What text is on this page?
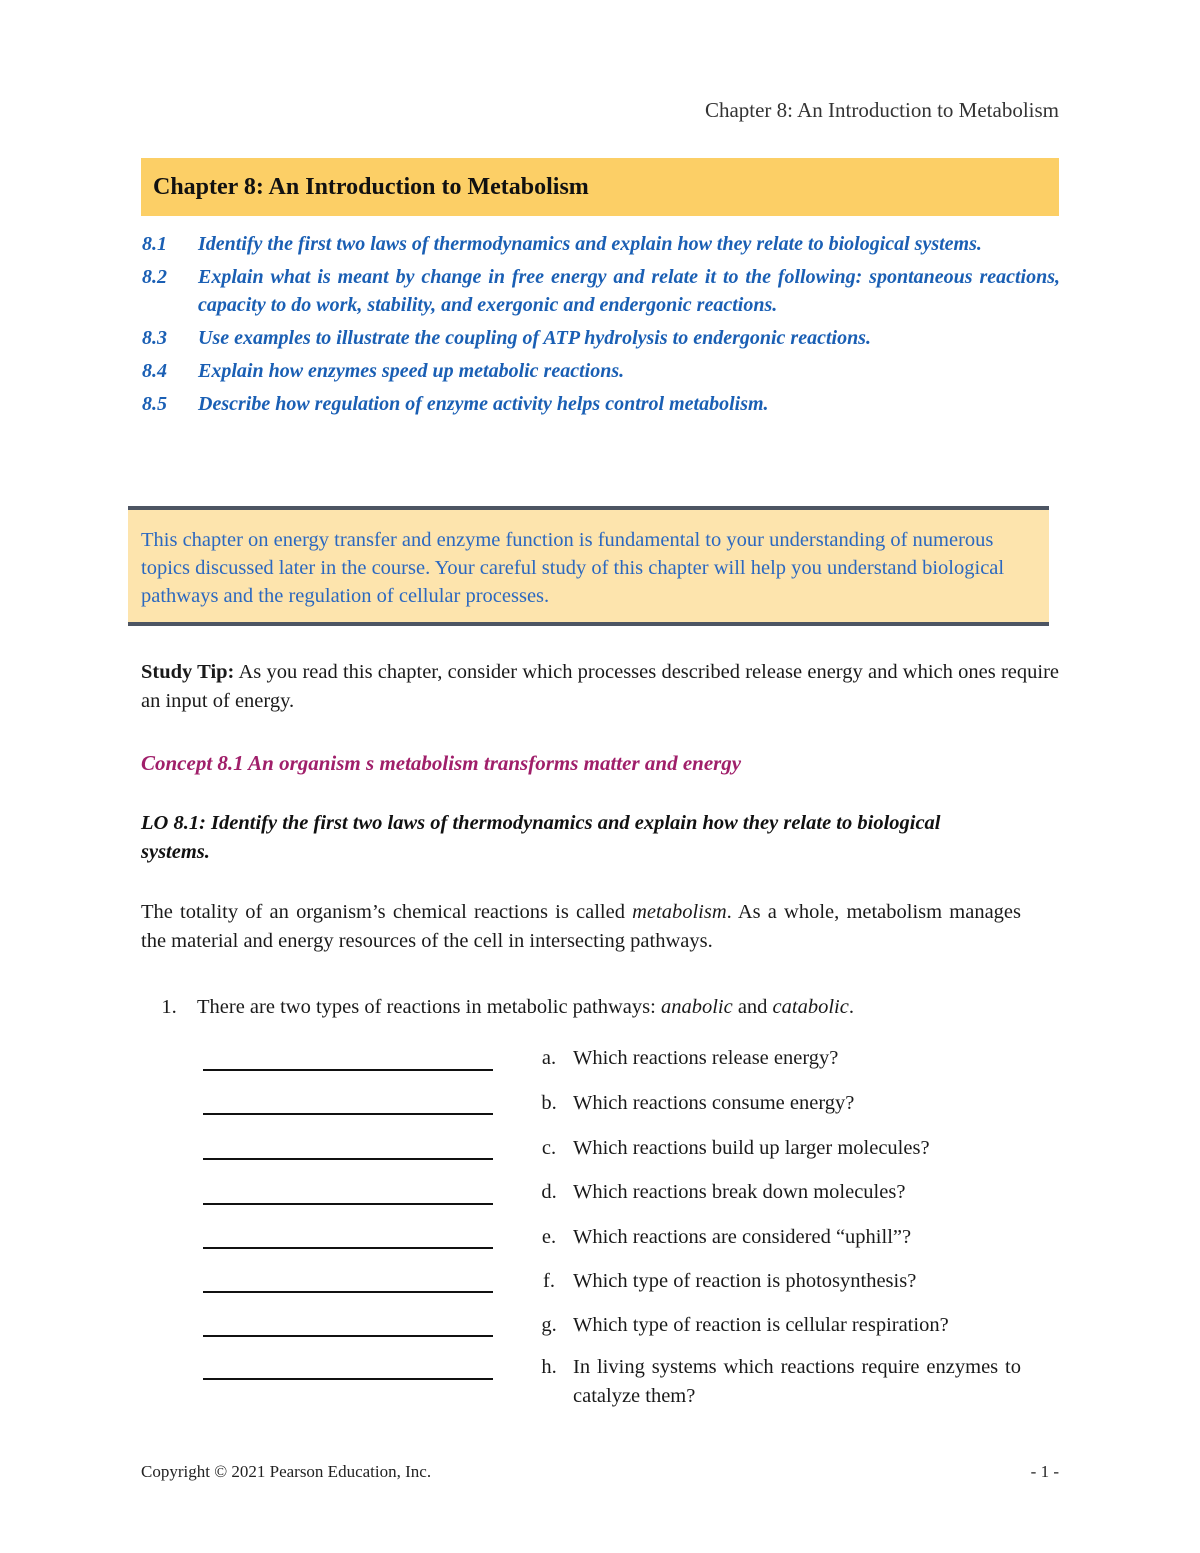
Chapter 8: An Introduction to Metabolism
Chapter 8: An Introduction to Metabolism
8.1	Identify the first two laws of thermodynamics and explain how they relate to biological systems.
8.2	Explain what is meant by change in free energy and relate it to the following: spontaneous reactions, capacity to do work, stability, and exergonic and endergonic reactions.
8.3	Use examples to illustrate the coupling of ATP hydrolysis to endergonic reactions.
8.4	Explain how enzymes speed up metabolic reactions.
8.5	Describe how regulation of enzyme activity helps control metabolism.
This chapter on energy transfer and enzyme function is fundamental to your understanding of numerous topics discussed later in the course. Your careful study of this chapter will help you understand biological pathways and the regulation of cellular processes.
Study Tip: As you read this chapter, consider which processes described release energy and which ones require an input of energy.
Concept 8.1 An organism s metabolism transforms matter and energy
LO 8.1: Identify the first two laws of thermodynamics and explain how they relate to biological systems.
The totality of an organism’s chemical reactions is called metabolism. As a whole, metabolism manages the material and energy resources of the cell in intersecting pathways.
1. There are two types of reactions in metabolic pathways: anabolic and catabolic.
a. Which reactions release energy?
b. Which reactions consume energy?
c. Which reactions build up larger molecules?
d. Which reactions break down molecules?
e. Which reactions are considered “uphill”?
f. Which type of reaction is photosynthesis?
g. Which type of reaction is cellular respiration?
h. In living systems which reactions require enzymes to catalyze them?
Copyright © 2021 Pearson Education, Inc.	- 1 -
